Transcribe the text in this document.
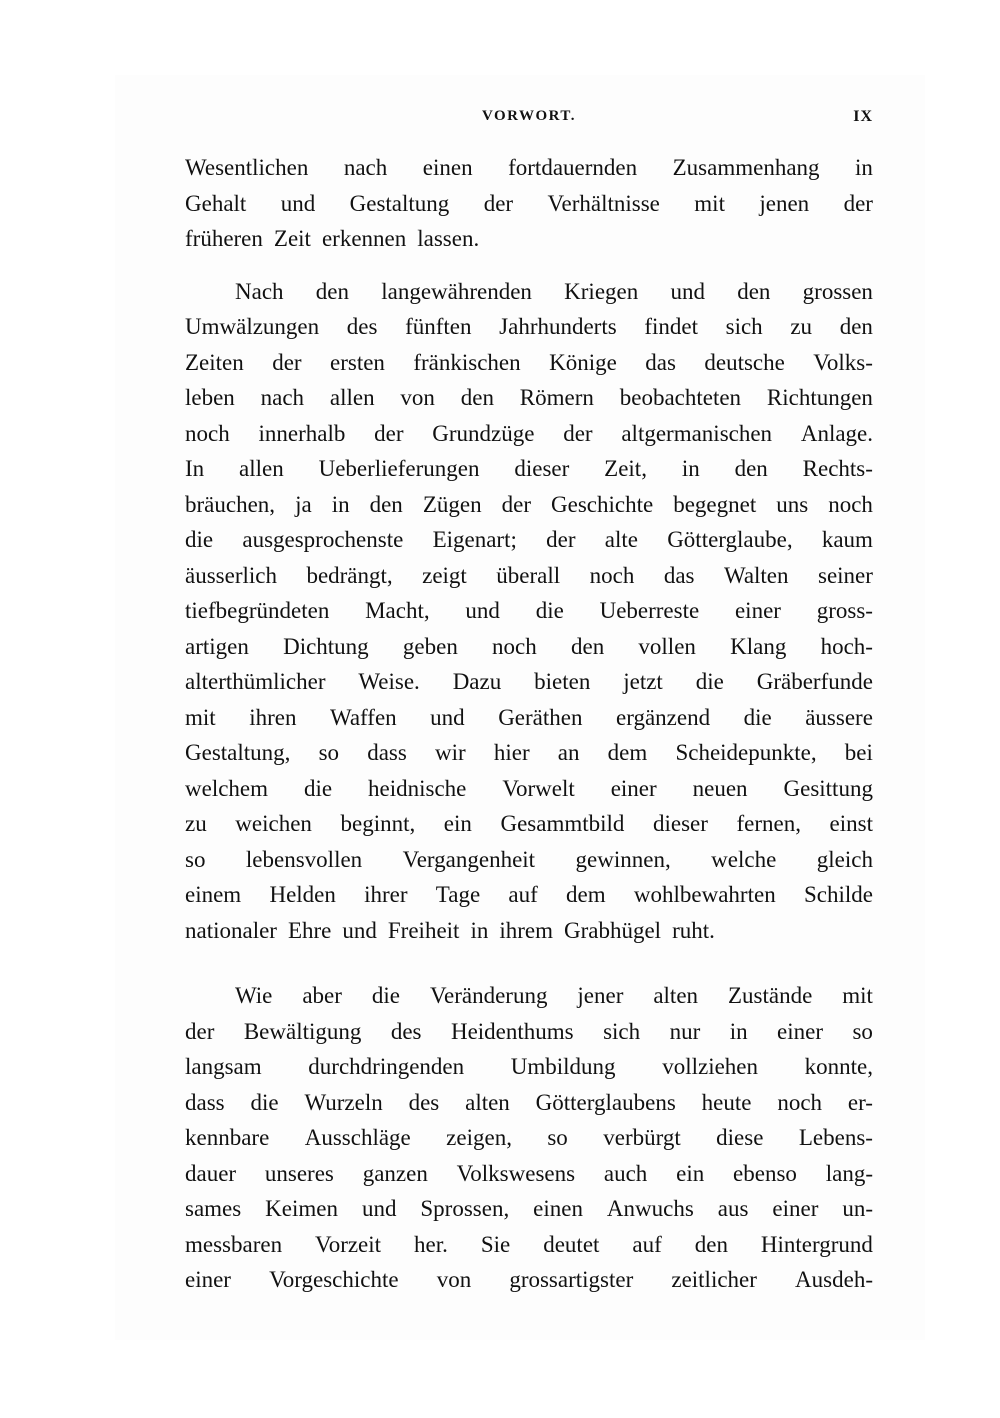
VORWORT.	IX
Wesentlichen nach einen fortdauernden Zusammenhang in
Gehalt und Gestaltung der Verhältnisse mit jenen der
früheren Zeit erkennen lassen.
Nach den langewährenden Kriegen und den grossen
Umwälzungen des fünften Jahrhunderts findet sich zu den
Zeiten der ersten fränkischen Könige das deutsche Volks-
leben nach allen von den Römern beobachteten Richtungen
noch innerhalb der Grundzüge der altgermanischen Anlage.
In allen Ueberlieferungen dieser Zeit, in den Rechts-
bräuchen, ja in den Zügen der Geschichte begegnet uns noch
die ausgesprochenste Eigenart; der alte Götterglaube, kaum
äusserlich bedrängt, zeigt überall noch das Walten seiner
tiefbegründeten Macht, und die Ueberreste einer gross-
artigen Dichtung geben noch den vollen Klang hoch-
alterthümlicher Weise. Dazu bieten jetzt die Gräberfunde
mit ihren Waffen und Geräthen ergänzend die äussere
Gestaltung, so dass wir hier an dem Scheidepunkte, bei
welchem die heidnische Vorwelt einer neuen Gesittung
zu weichen beginnt, ein Gesammtbild dieser fernen, einst
so lebensvollen Vergangenheit gewinnen, welche gleich
einem Helden ihrer Tage auf dem wohlbewahrten Schilde
nationaler Ehre und Freiheit in ihrem Grabhügel ruht.
Wie aber die Veränderung jener alten Zustände mit
der Bewältigung des Heidenthums sich nur in einer so
langsam durchdringenden Umbildung vollziehen konnte,
dass die Wurzeln des alten Götterglaubens heute noch er-
kennbare Ausschläge zeigen, so verbürgt diese Lebens-
dauer unseres ganzen Volkswesens auch ein ebenso lang-
sames Keimen und Sprossen, einen Anwuchs aus einer un-
messbaren Vorzeit her. Sie deutet auf den Hintergrund
einer Vorgeschichte von grossartigster zeitlicher Ausdeh-
